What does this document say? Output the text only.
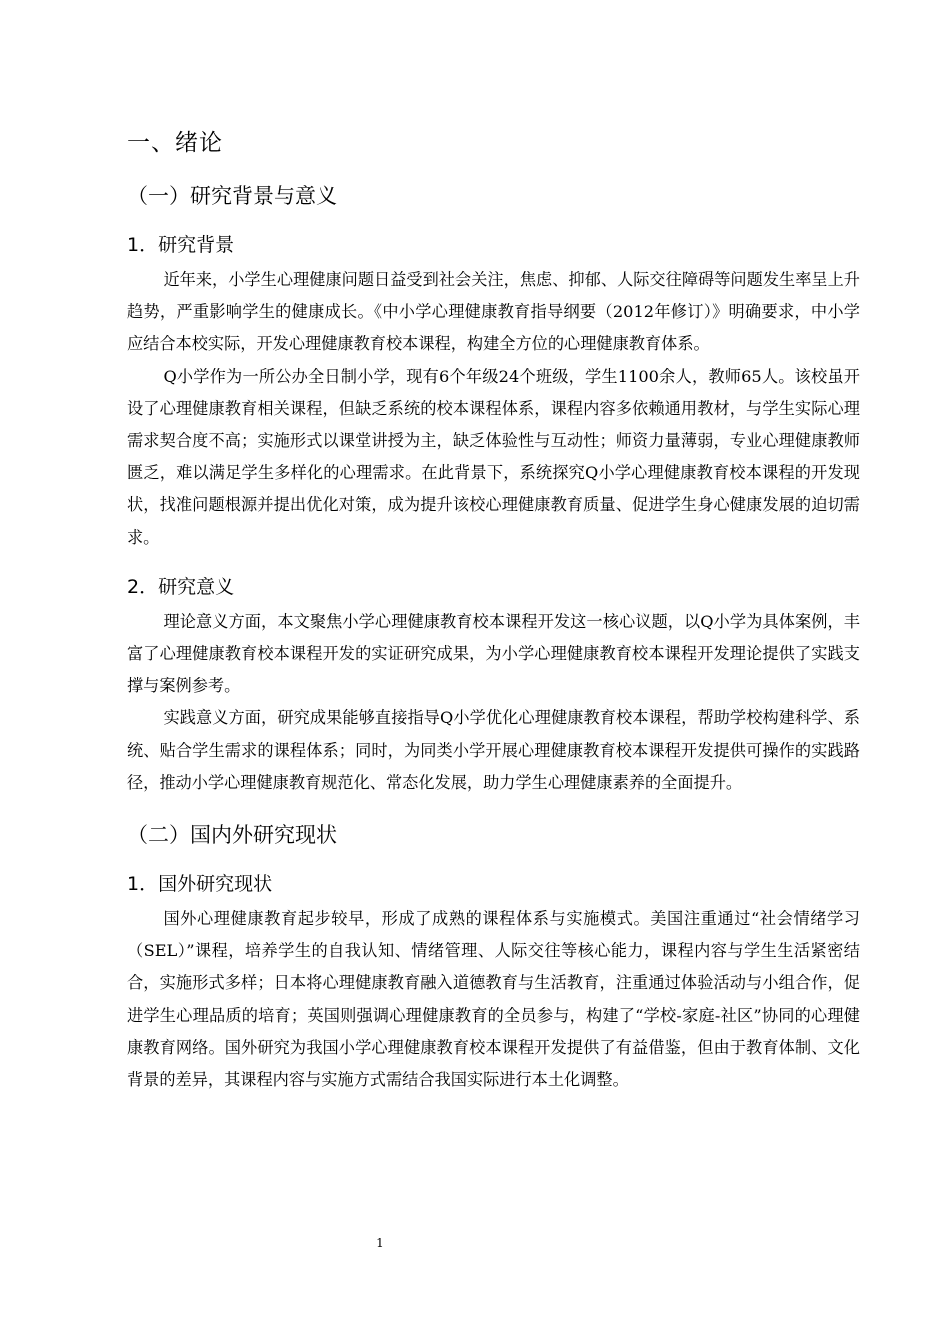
一、绪论
（一）研究背景与意义
1．研究背景

近年来，小学生心理健康问题日益受到社会关注，焦虑、抑郁、人际交往障碍等问题发生率呈上升趋势，严重影响学生的健康成长。《中小学心理健康教育指导纲要（2012年修订）》明确要求，中小学应结合本校实际，开发心理健康教育校本课程，构建全方位的心理健康教育体系。

Q小学作为一所公办全日制小学，现有6个年级24个班级，学生1100余人，教师65人。该校虽开设了心理健康教育相关课程，但缺乏系统的校本课程体系，课程内容多依赖通用教材，与学生实际心理需求契合度不高；实施形式以课堂讲授为主，缺乏体验性与互动性；师资力量薄弱，专业心理健康教师匮乏，难以满足学生多样化的心理需求。在此背景下，系统探究Q小学心理健康教育校本课程的开发现状，找准问题根源并提出优化对策，成为提升该校心理健康教育质量、促进学生身心健康发展的迫切需求。

2．研究意义

理论意义方面，本文聚焦小学心理健康教育校本课程开发这一核心议题，以Q小学为具体案例，丰富了心理健康教育校本课程开发的实证研究成果，为小学心理健康教育校本课程开发理论提供了实践支撑与案例参考。

实践意义方面，研究成果能够直接指导Q小学优化心理健康教育校本课程，帮助学校构建科学、系统、贴合学生需求的课程体系；同时，为同类小学开展心理健康教育校本课程开发提供可操作的实践路径，推动小学心理健康教育规范化、常态化发展，助力学生心理健康素养的全面提升。

（二）国内外研究现状
1．国外研究现状

国外心理健康教育起步较早，形成了成熟的课程体系与实施模式。美国注重通过“社会情绪学习（SEL）”课程，培养学生的自我认知、情绪管理、人际交往等核心能力，课程内容与学生生活紧密结合，实施形式多样；日本将心理健康教育融入道德教育与生活教育，注重通过体验活动与小组合作，促进学生心理品质的培育；英国则强调心理健康教育的全员参与，构建了“学校-家庭-社区”协同的心理健康教育网络。国外研究为我国小学心理健康教育校本课程开发提供了有益借鉴，但由于教育体制、文化背景的差异，其课程内容与实施方式需结合我国实际进行本土化调整。

1
